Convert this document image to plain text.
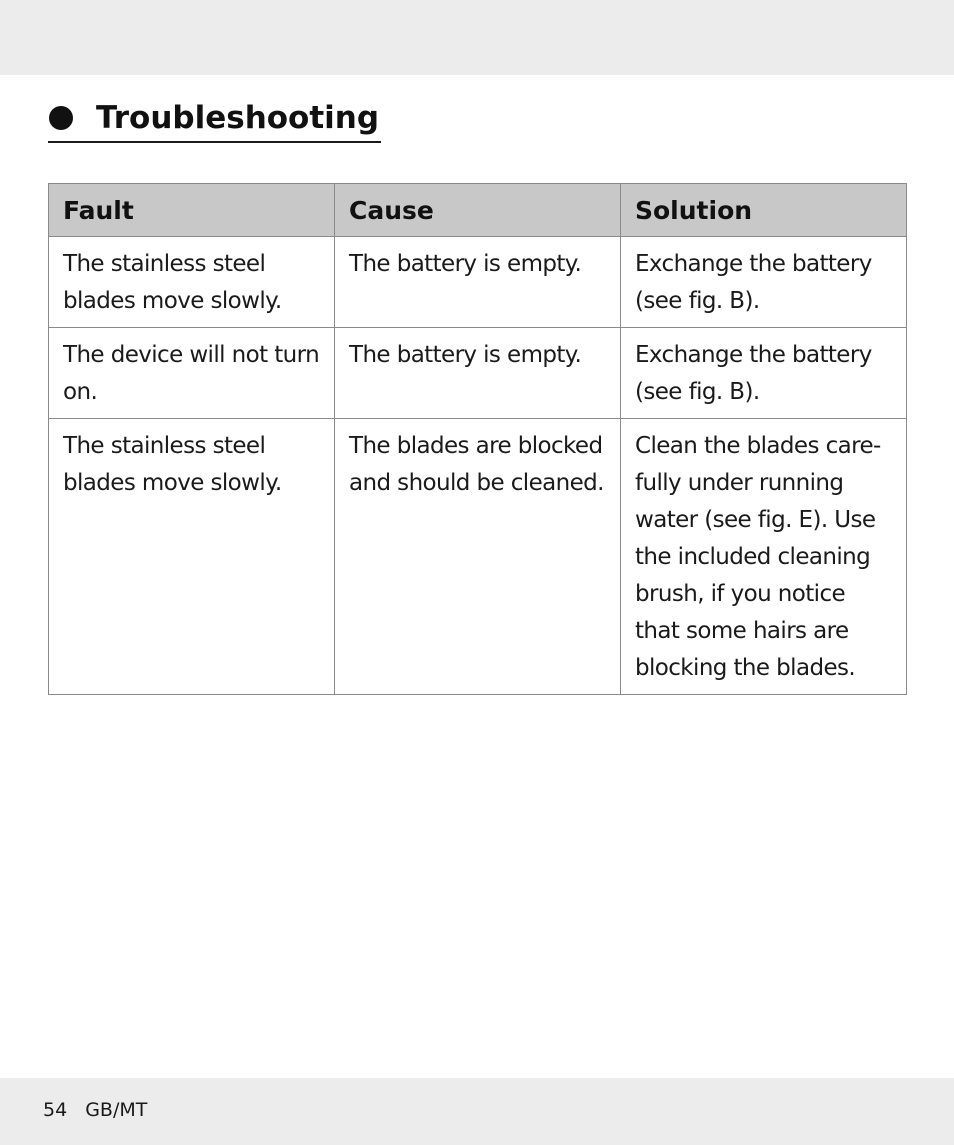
Troubleshooting
Fault	Cause	Solution
The stainless steel blades move slowly.	The battery is empty.	Exchange the battery (see fig. B).
The device will not turn on.	The battery is empty.	Exchange the battery (see fig. B).
The stainless steel blades move slowly.	The blades are blocked and should be cleaned.	Clean the blades care-fully under running water (see fig. E). Use the included cleaning brush, if you notice that some hairs are blocking the blades.
54 GB/MT
